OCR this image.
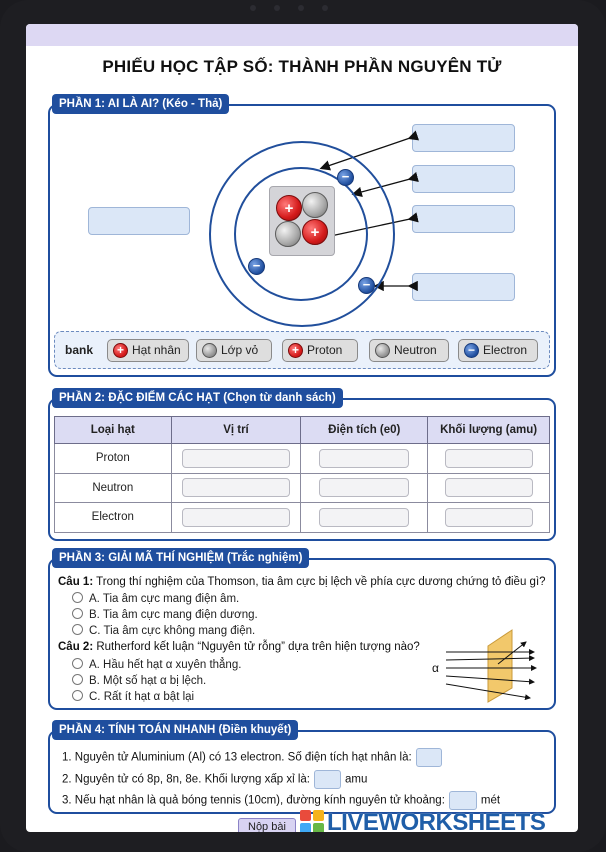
PHIẾU HỌC TẬP SỐ: THÀNH PHẦN NGUYÊN TỬ
PHẦN 1: AI LÀ AI? (Kéo - Thả)
+
+
−
−
−
bank	+ Hạt nhân	Lớp vỏ	+ Proton	Neutron	− Electron
PHẦN 2: ĐẶC ĐIỂM CÁC HẠT (Chọn từ danh sách)
Loại hạt	Vị trí	Điện tích (e0)	Khối lượng (amu)
Proton	

Neutron	

Electron	

PHẦN 3: GIẢI MÃ THÍ NGHIỆM (Trắc nghiệm)
Câu 1: Trong thí nghiệm của Thomson, tia âm cực bị lệch về phía cực dương chứng tỏ điều gì?
A. Tia âm cực mang điện âm.
B. Tia âm cực mang điện dương.
C. Tia âm cực không mang điện.
Câu 2: Rutherford kết luận “Nguyên tử rỗng” dựa trên hiện tượng nào?
A. Hầu hết hạt α xuyên thẳng.
B. Một số hạt α bị lệch.
C. Rất ít hạt α bật lại
α
PHẦN 4: TÍNH TOÁN NHANH (Điền khuyết)
1. Nguyên tử Aluminium (Al) có 13 electron. Số điện tích hạt nhân là:
2. Nguyên tử có 8p, 8n, 8e. Khối lượng xấp xỉ là:	amu
3. Nếu hạt nhân là quả bóng tennis (10cm), đường kính nguyên tử khoảng:	mét
Nộp bài	LIVEWORKSHEETS
